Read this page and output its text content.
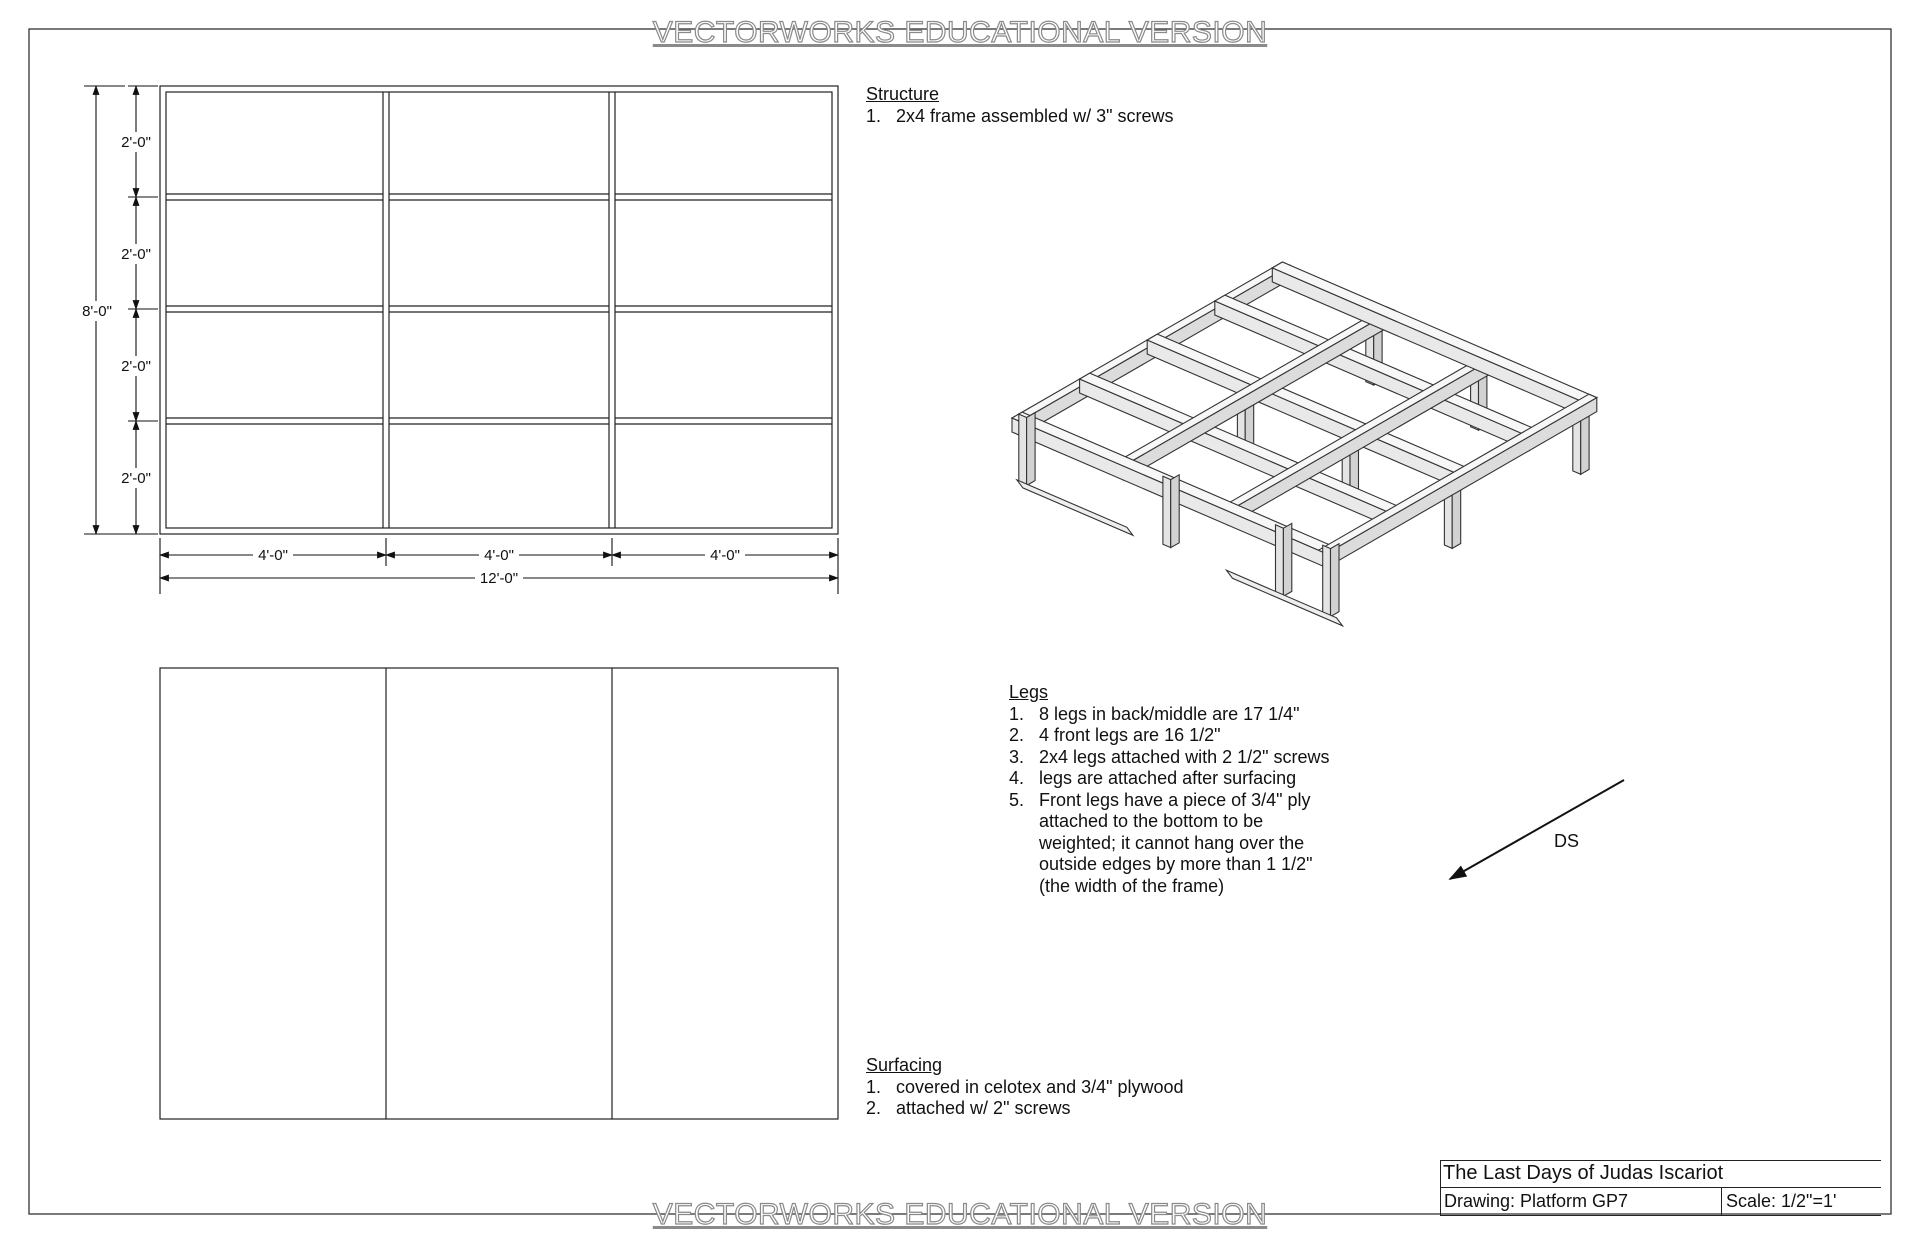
2'-0"
2'-0"
2'-0"
2'-0"
8'-0"
4'-0"	4'-0"	4'-0"
12'-0"
VECTORWORKS EDUCATIONAL VERSION
VECTORWORKS EDUCATIONAL VERSION
Structure
1. 2x4 frame assembled w/ 3" screws
Legs
1. 8 legs in back/middle are 17 1/4"
2. 4 front legs are 16 1/2"
3. 2x4 legs attached with 2 1/2" screws
4. legs are attached after surfacing
5. Front legs have a piece of 3/4" ply attached to the bottom to be weighted; it cannot hang over the outside edges by more than 1 1/2" (the width of the frame)
DS
Surfacing
1. covered in celotex and 3/4" plywood
2. attached w/ 2" screws
The Last Days of Judas Iscariot
Drawing: Platform GP7	Scale: 1/2"=1'
